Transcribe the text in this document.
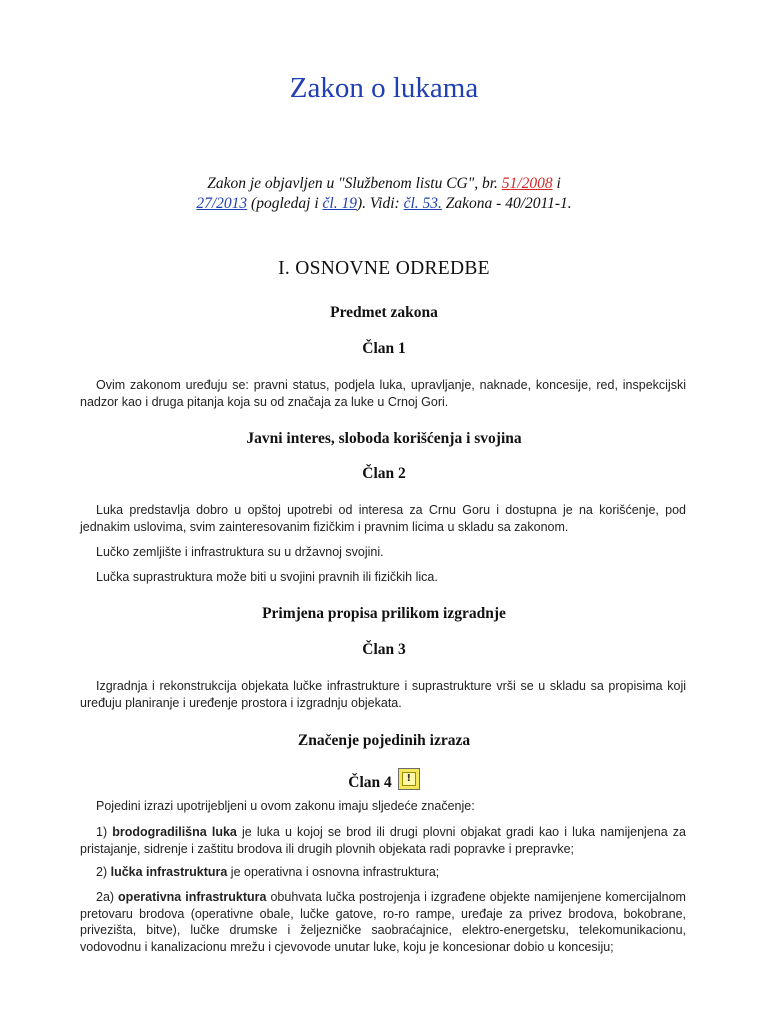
Zakon o lukama
Zakon je objavljen u "Službenom listu CG", br. 51/2008 i
27/2013 (pogledaj i čl. 19). Vidi: čl. 53. Zakona - 40/2011-1.
I. OSNOVNE ODREDBE
Predmet zakona
Član 1
Ovim zakonom uređuju se: pravni status, podjela luka, upravljanje, naknade, koncesije, red, inspekcijski nadzor kao i druga pitanja koja su od značaja za luke u Crnoj Gori.
Javni interes, sloboda korišćenja i svojina
Član 2
Luka predstavlja dobro u opštoj upotrebi od interesa za Crnu Goru i dostupna je na korišćenje, pod jednakim uslovima, svim zainteresovanim fizičkim i pravnim licima u skladu sa zakonom.
Lučko zemljište i infrastruktura su u državnoj svojini.
Lučka suprastruktura može biti u svojini pravnih ili fizičkih lica.
Primjena propisa prilikom izgradnje
Član 3
Izgradnja i rekonstrukcija objekata lučke infrastrukture i suprastrukture vrši se u skladu sa propisima koji uređuju planiranje i uređenje prostora i izgradnju objekata.
Značenje pojedinih izraza
Član 4	!
Pojedini izrazi upotrijebljeni u ovom zakonu imaju sljedeće značenje:
1) brodogradilišna luka je luka u kojoj se brod ili drugi plovni objakat gradi kao i luka namijenjena za pristajanje, sidrenje i zaštitu brodova ili drugih plovnih objekata radi popravke i prepravke;
2) lučka infrastruktura je operativna i osnovna infrastruktura;
2a) operativna infrastruktura obuhvata lučka postrojenja i izgrađene objekte namijenjene komercijalnom pretovaru brodova (operativne obale, lučke gatove, ro-ro rampe, uređaje za privez brodova, bokobrane, privezišta, bitve), lučke drumske i željezničke saobraćajnice, elektro-energetsku, telekomunikacionu, vodovodnu i kanalizacionu mrežu i cjevovode unutar luke, koju je koncesionar dobio u koncesiju;
